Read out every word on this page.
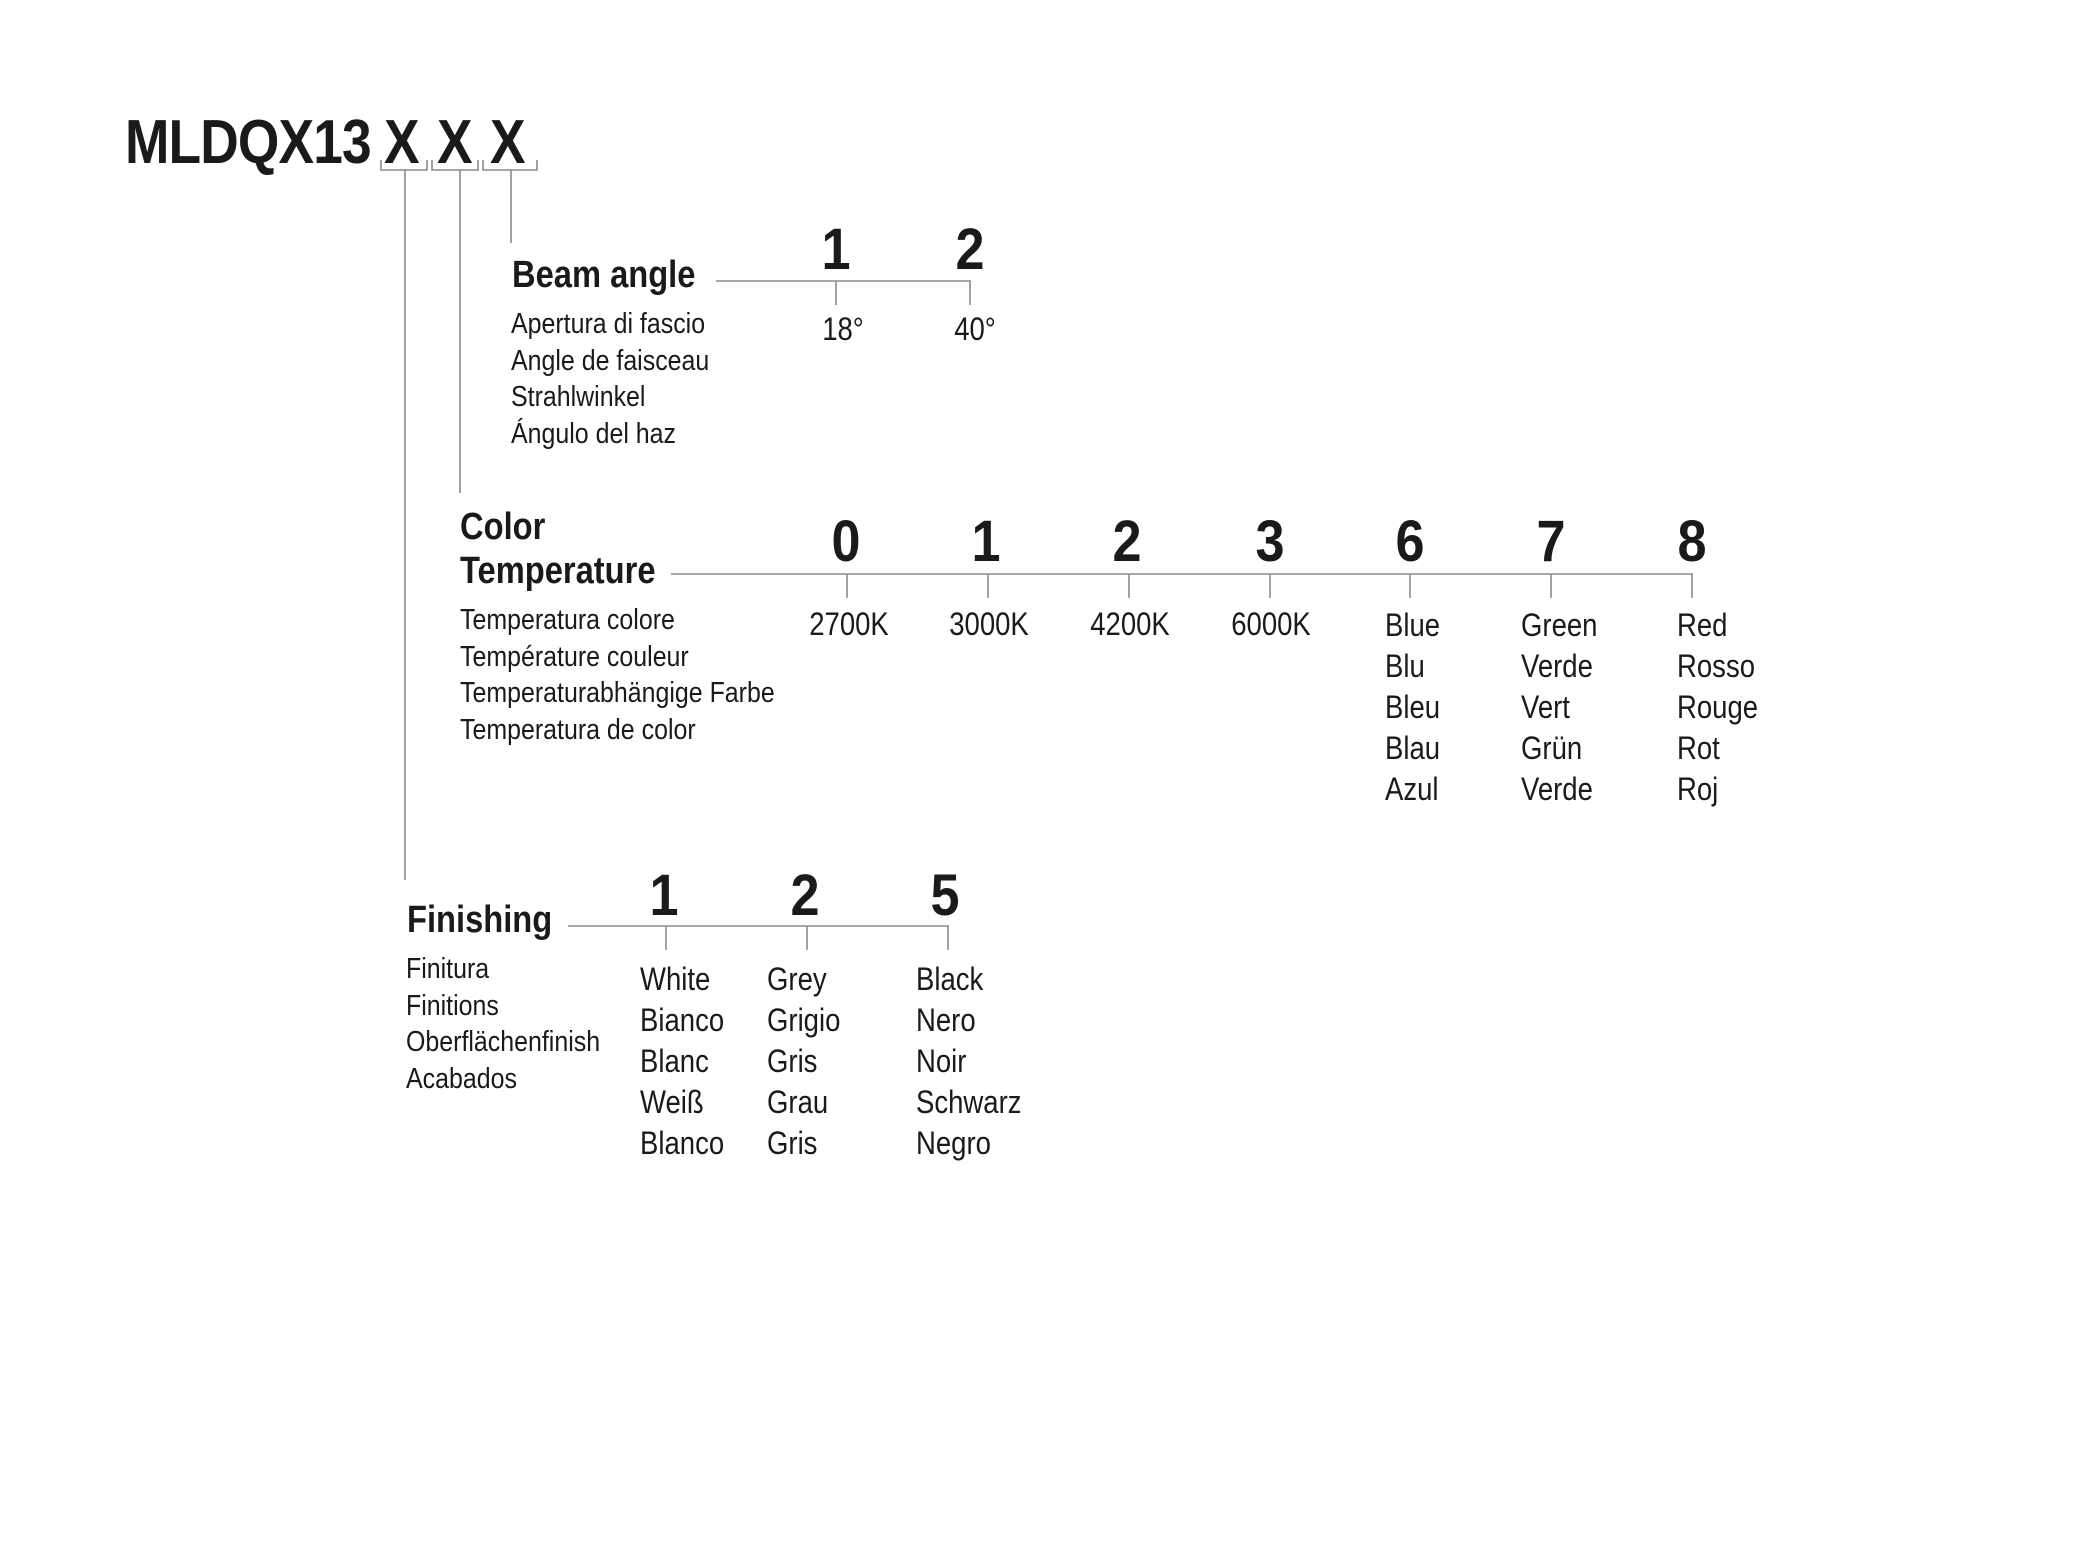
MLDQX13 X X X
Beam angle
Apertura di fascio
Angle de faisceau
Strahlwinkel
Ángulo del haz
1 2
18°	40°
Color
Temperature
Temperatura colore
Température couleur
Temperaturabhängige Farbe
Temperatura de color
0 1 2 3 6 7 8
2700K 3000K 4200K 6000K Blue
Blu
Bleu
Blau
Azul
Green
Verde
Vert
Grün
Verde
Red
Rosso
Rouge
Rot
Roj
Finishing
Finitura
Finitions
Oberflächenfinish
Acabados
1 2 5
White
Bianco
Blanc
Weiß
Blanco
Grey
Grigio
Gris
Grau
Gris
Black
Nero
Noir
Schwarz
Negro
